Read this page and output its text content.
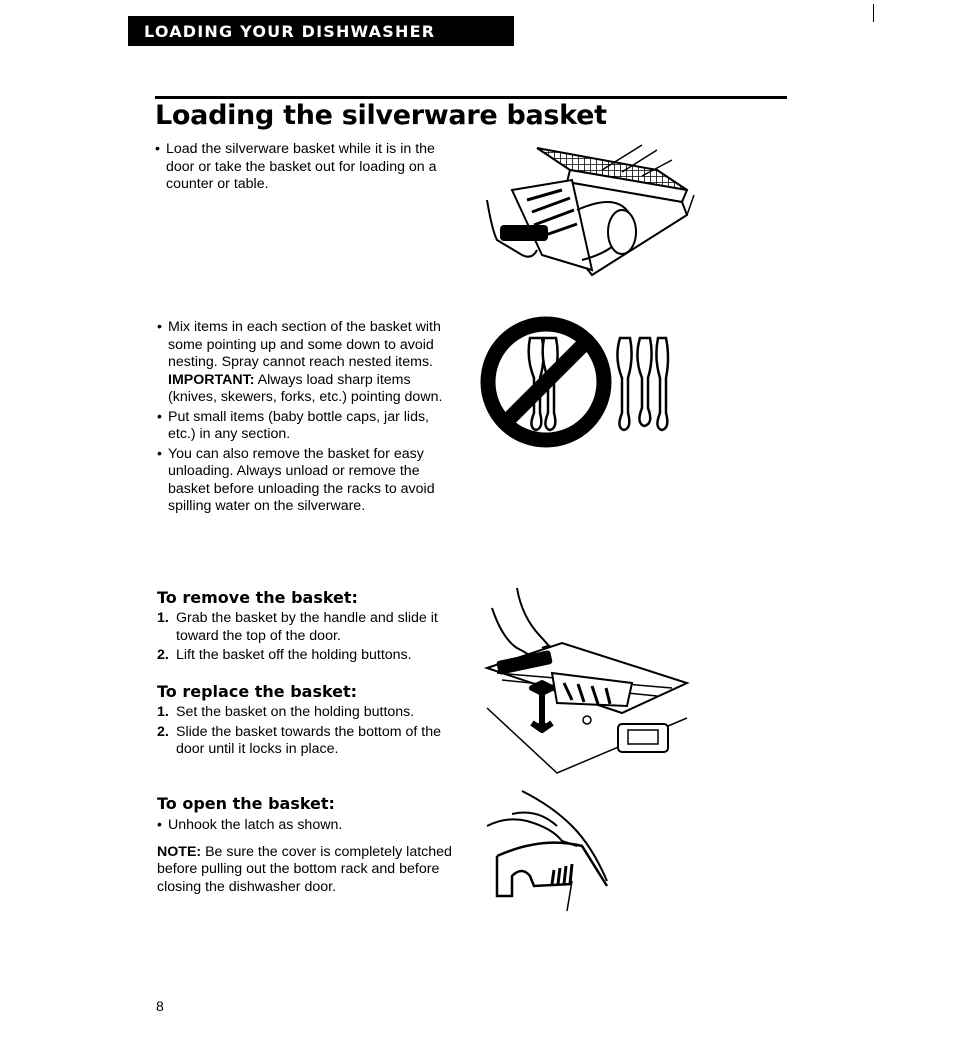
LOADING YOUR DISHWASHER
Loading the silverware basket
• Load the silverware basket while it is in the door or take the basket out for loading on a counter or table.
• Mix items in each section of the basket with some pointing up and some down to avoid nesting. Spray cannot reach nested items.
IMPORTANT: Always load sharp items (knives, skewers, forks, etc.) pointing down.
• Put small items (baby bottle caps, jar lids, etc.) in any section.
• You can also remove the basket for easy unloading. Always unload or remove the basket before unloading the racks to avoid spilling water on the silverware.
To remove the basket:
1. Grab the basket by the handle and slide it toward the top of the door.
2. Lift the basket off the holding buttons.
To replace the basket:
1. Set the basket on the holding buttons.
2. Slide the basket towards the bottom of the door until it locks in place.
To open the basket:
• Unhook the latch as shown.
NOTE: Be sure the cover is completely latched before pulling out the bottom rack and before closing the dishwasher door.
8
